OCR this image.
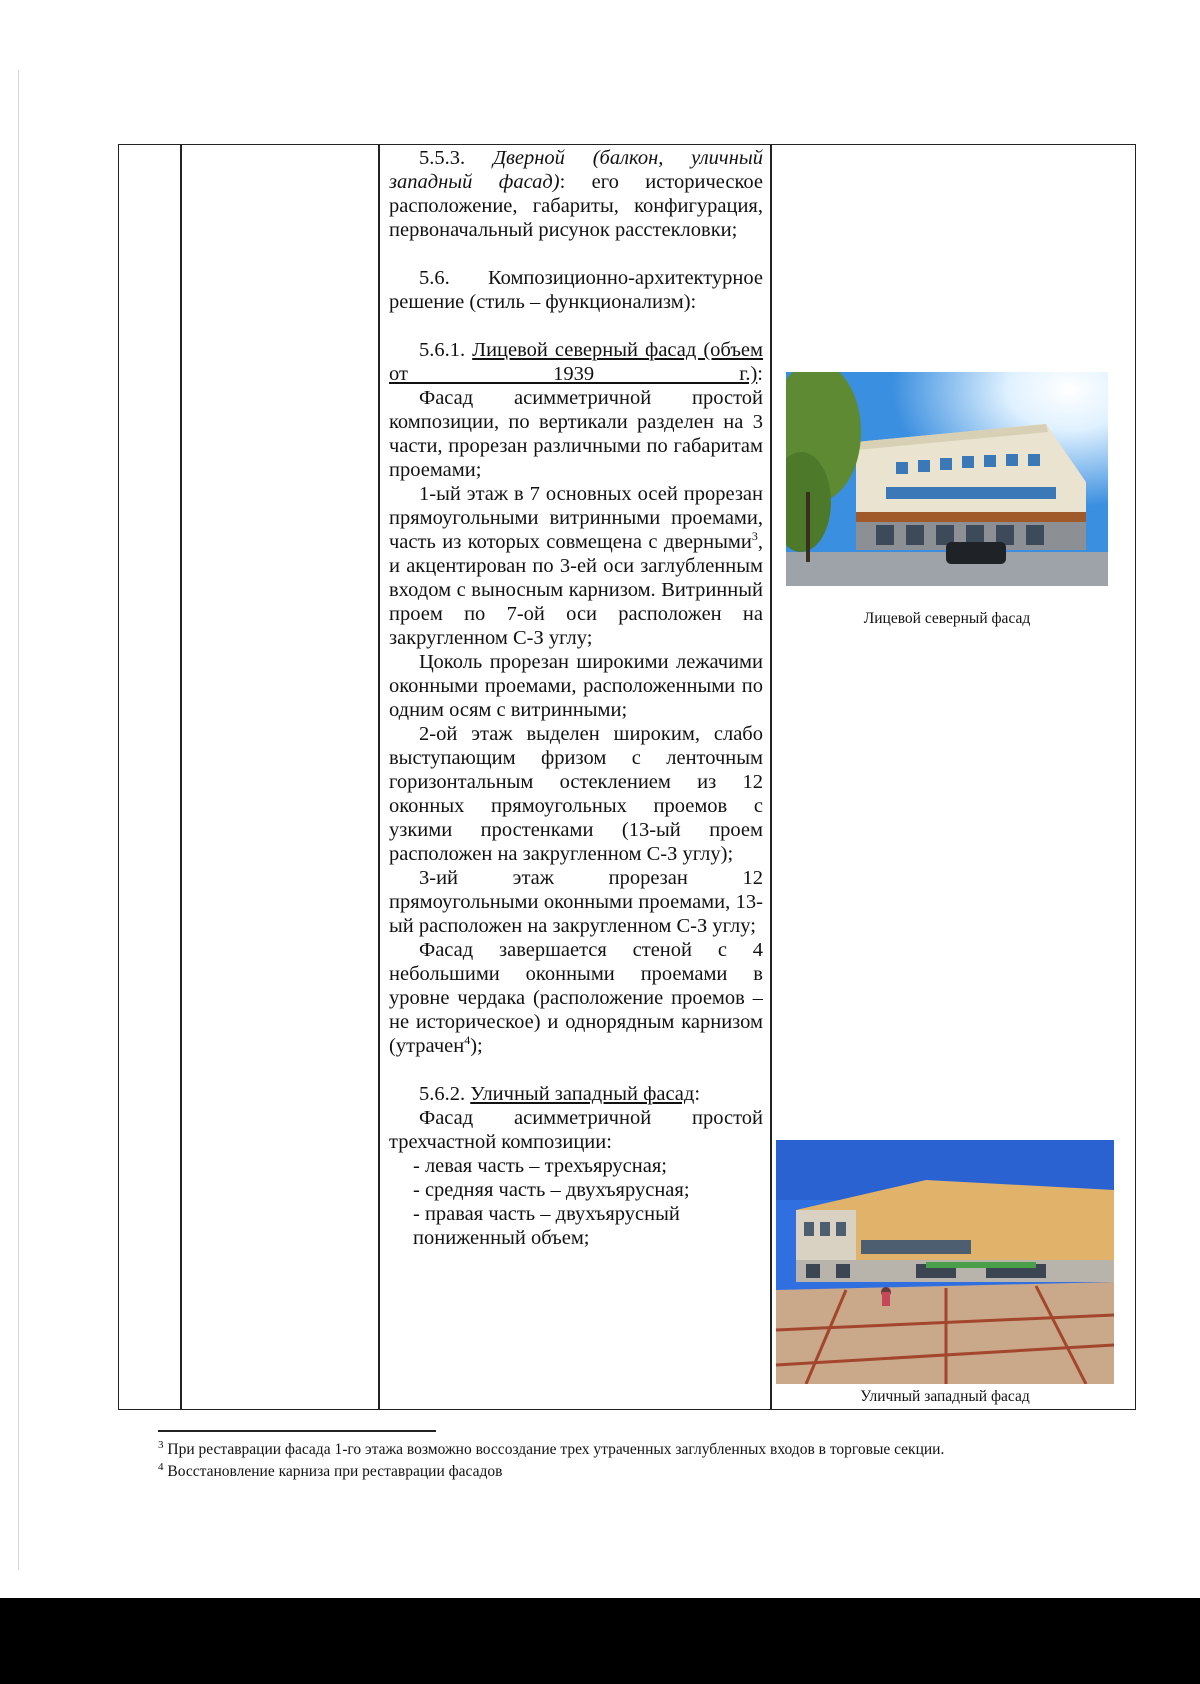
5.5.3. Дверной (балкон, уличный западный фасад): его историческое расположение, габариты, конфигурация, первоначальный рисунок расстекловки;

5.6. Композиционно-архитектурное решение (стиль – функционализм):

5.6.1. Лицевой северный фасад (объем от 1939 г.):

Фасад асимметричной простой композиции, по вертикали разделен на 3 части, прорезан различными по габаритам проемами;

1-ый этаж в 7 основных осей прорезан прямоугольными витринными проемами, часть из которых совмещена с дверными$^3$, и акцентирован по 3-ей оси заглубленным входом с выносным карнизом. Витринный проем по 7-ой оси расположен на закругленном С-З углу;

Цоколь прорезан широкими лежачими оконными проемами, расположенными по одним осям с витринными;

2-ой этаж выделен широким, слабо выступающим фризом с ленточным горизонтальным остеклением из 12 оконных прямоугольных проемов с узкими простенками (13-ый проем расположен на закругленном С-З углу);

3-ий этаж прорезан 12 прямоугольными оконными проемами, 13-ый расположен на закругленном С-З углу;

Фасад завершается стеной с 4 небольшими оконными проемами в уровне чердака (расположение проемов – не историческое) и однорядным карнизом (утрачен$^4$);

5.6.2. Уличный западный фасад:

Фасад асимметричной простой трехчастной композиции:

- левая часть – трехъярусная;

- средняя часть – двухъярусная;

- правая часть – двухъярусный пониженный объем;

Лицевой северный фасад
Уличный западный фасад
$^3$ При реставрации фасада 1-го этажа возможно воссоздание трех утраченных заглубленных входов в торговые секции.
$^4$ Восстановление карниза при реставрации фасадов
